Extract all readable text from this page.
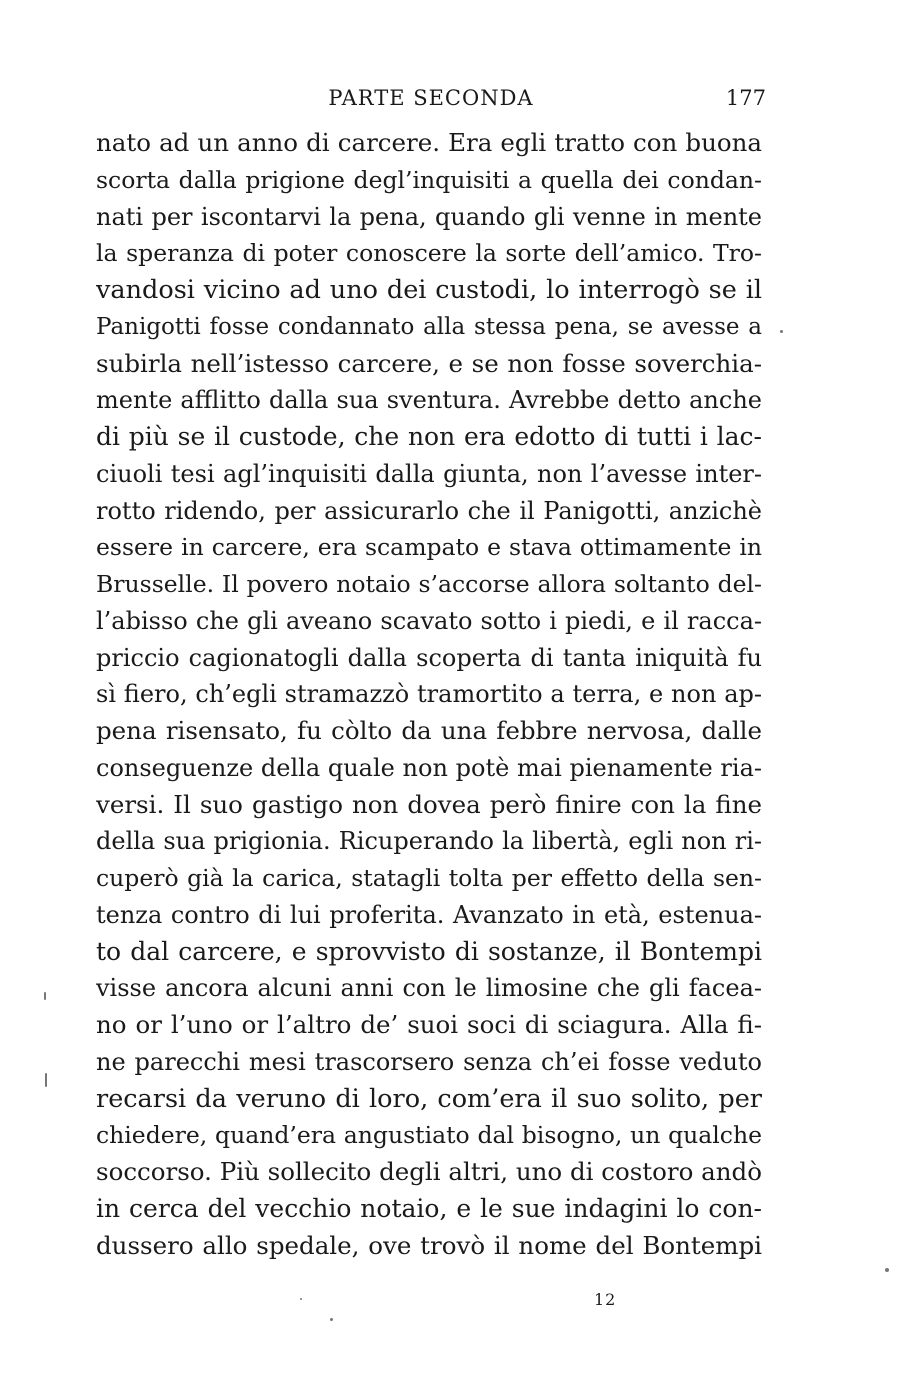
PARTE SECONDA	177
nato ad un anno di carcere. Era egli tratto con buona
scorta dalla prigione degl’inquisiti a quella dei condan-
nati per iscontarvi la pena, quando gli venne in mente
la speranza di poter conoscere la sorte dell’amico. Tro-
vandosi vicino ad uno dei custodi, lo interrogò se il
Panigotti fosse condannato alla stessa pena, se avesse a
subirla nell’istesso carcere, e se non fosse soverchia-
mente afflitto dalla sua sventura. Avrebbe detto anche
di più se il custode, che non era edotto di tutti i lac-
ciuoli tesi agl’inquisiti dalla giunta, non l’avesse inter-
rotto ridendo, per assicurarlo che il Panigotti, anzichè
essere in carcere, era scampato e stava ottimamente in
Brusselle. Il povero notaio s’accorse allora soltanto del-
l’abisso che gli aveano scavato sotto i piedi, e il racca-
priccio cagionatogli dalla scoperta di tanta iniquità fu
sì fiero, ch’egli stramazzò tramortito a terra, e non ap-
pena risensato, fu còlto da una febbre nervosa, dalle
conseguenze della quale non potè mai pienamente ria-
versi. Il suo gastigo non dovea però finire con la fine
della sua prigionia. Ricuperando la libertà, egli non ri-
cuperò già la carica, statagli tolta per effetto della sen-
tenza contro di lui proferita. Avanzato in età, estenua-
to dal carcere, e sprovvisto di sostanze, il Bontempi
visse ancora alcuni anni con le limosine che gli facea-
no or l’uno or l’altro de’ suoi soci di sciagura. Alla fi-
ne parecchi mesi trascorsero senza ch’ei fosse veduto
recarsi da veruno di loro, com’era il suo solito, per
chiedere, quand’era angustiato dal bisogno, un qualche
soccorso. Più sollecito degli altri, uno di costoro andò
in cerca del vecchio notaio, e le sue indagini lo con-
dussero allo spedale, ove trovò il nome del Bontempi
12
